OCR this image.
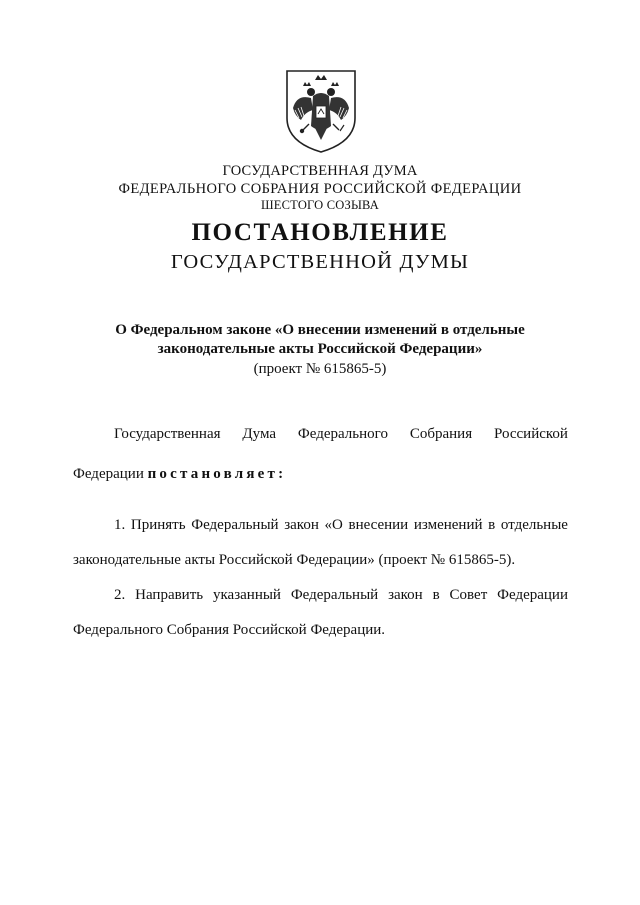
ГОСУДАРСТВЕННАЯ ДУМА
ФЕДЕРАЛЬНОГО СОБРАНИЯ РОССИЙСКОЙ ФЕДЕРАЦИИ
ШЕСТОГО СОЗЫВА
ПОСТАНОВЛЕНИЕ
ГОСУДАРСТВЕННОЙ ДУМЫ
О Федеральном законе «О внесении изменений в отдельные
законодательные акты Российской Федерации»
(проект № 615865-5)
Государственная Дума Федерального Собрания Российской
Федерации постановляет:
1. Принять Федеральный закон «О внесении изменений в отдельные
законодательные акты Российской Федерации» (проект № 615865-5).
2. Направить указанный Федеральный закон в Совет Федерации
Федерального Собрания Российской Федерации.
